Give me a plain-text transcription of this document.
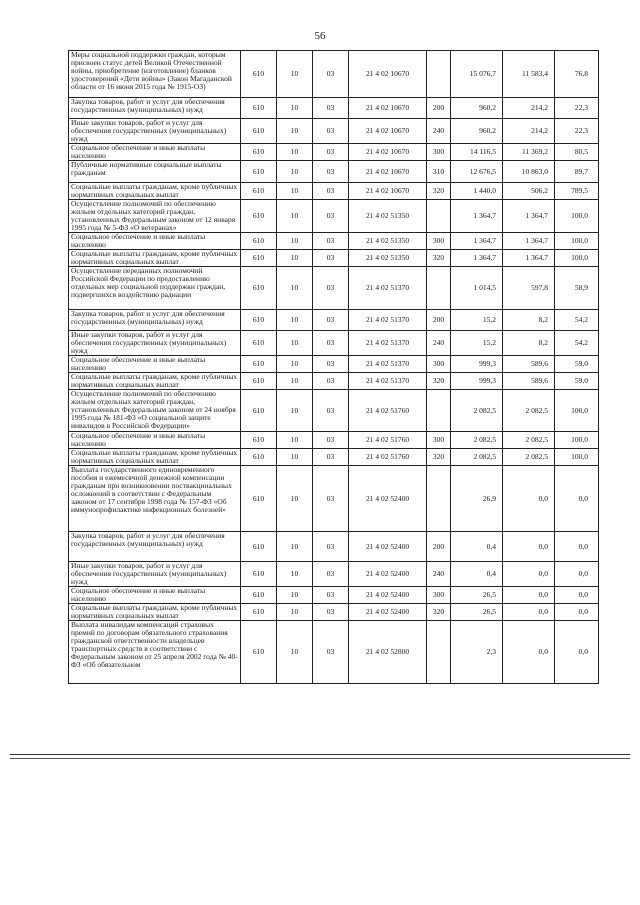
56
Меры социальной поддержки граждан, которым присвоен статус детей Великой Отечественной войны, приобретение (изготовление) бланков удостоверений «Дети войны» (Закон Магаданской области от 16 июня 2015 года № 1915-ОЗ)	610	10	03	21 4 02 10670		15 076,7	11 583,4	76,8
Закупка товаров, работ и услуг для обеспечения государственных (муниципальных) нужд	610	10	03	21 4 02 10670	200	960,2	214,2	22,3
Иные закупки товаров, работ и услуг для обеспечения государственных (муниципальных) нужд	610	10	03	21 4 02 10670	240	960,2	214,2	22,3
Социальное обеспечение и иные выплаты населению	610	10	03	21 4 02 10670	300	14 116,5	11 369,2	80,5
Публичные нормативные социальные выплаты гражданам	610	10	03	21 4 02 10670	310	12 676,5	10 863,0	89,7
Социальные выплаты гражданам, кроме публичных нормативных социальных выплат	610	10	03	21 4 02 10670	320	1 440,0	506,2	789,5
Осуществление полномочий по обеспечению жильем отдельных категорий граждан, установленных Федеральным законом от 12 января 1995 года № 5-ФЗ «О ветеранах»	610	10	03	21 4 02 51350		1 364,7	1 364,7	100,0
Социальное обеспечение и иные выплаты населению	610	10	03	21 4 02 51350	300	1 364,7	1 364,7	100,0
Социальные выплаты гражданам, кроме публичных нормативных социальных выплат	610	10	03	21 4 02 51350	320	1 364,7	1 364,7	100,0
Осуществление переданных полномочий Российской Федерации по предоставлению отдельных мер социальной поддержки граждан, подвергшихся воздействию радиации	610	10	03	21 4 02 51370		1 014,5	597,8	58,9
Закупка товаров, работ и услуг для обеспечения государственных (муниципальных) нужд	610	10	03	21 4 02 51370	200	15,2	8,2	54,2
Иные закупки товаров, работ и услуг для обеспечения государственных (муниципальных) нужд	610	10	03	21 4 02 51370	240	15,2	8,2	54,2
Социальное обеспечение и иные выплаты населению	610	10	03	21 4 02 51370	300	999,3	589,6	59,0
Социальные выплаты гражданам, кроме публичных нормативных социальных выплат	610	10	03	21 4 02 51370	320	999,3	589,6	59,0
Осуществление полномочий по обеспечению жильем отдельных категорий граждан, установленных Федеральным законом от 24 ноября 1995 года № 181-ФЗ «О социальной защите инвалидов в Российской Федерации»	610	10	03	21 4 02 51760		2 082,5	2 082,5	100,0
Социальное обеспечение и иные выплаты населению	610	10	03	21 4 02 51760	300	2 082,5	2 082,5	100,0
Социальные выплаты гражданам, кроме публичных нормативных социальных выплат	610	10	03	21 4 02 51760	320	2 082,5	2 082,5	100,0
Выплата государственного единовременного пособия и ежемесячной денежной компенсации гражданам при возникновении поствакцинальных осложнений в соответствии с Федеральным законом от 17 сентября 1998 года № 157-ФЗ «Об иммунопрофилактике инфекционных болезней»	610	10	03	21 4 02 52400		26,9	0,0	0,0
Закупка товаров, работ и услуг для обеспечения государственных (муниципальных) нужд	610	10	03	21 4 02 52400	200	0,4	0,0	0,0
Иные закупки товаров, работ и услуг для обеспечения государственных (муниципальных) нужд	610	10	03	21 4 02 52400	240	0,4	0,0	0,0
Социальное обеспечение и иные выплаты населению	610	10	03	21 4 02 52400	300	26,5	0,0	0,0
Социальные выплаты гражданам, кроме публичных нормативных социальных выплат	610	10	03	21 4 02 52400	320	26,5	0,0	0,0
Выплата инвалидам компенсаций страховых премий по договорам обязательного страхования гражданской ответственности владельцев транспортных средств в соответствии с Федеральным законом от 25 апреля 2002 года № 40-ФЗ «Об обязательном	610	10	03	21 4 02 52800		2,3	0,0	0,0
